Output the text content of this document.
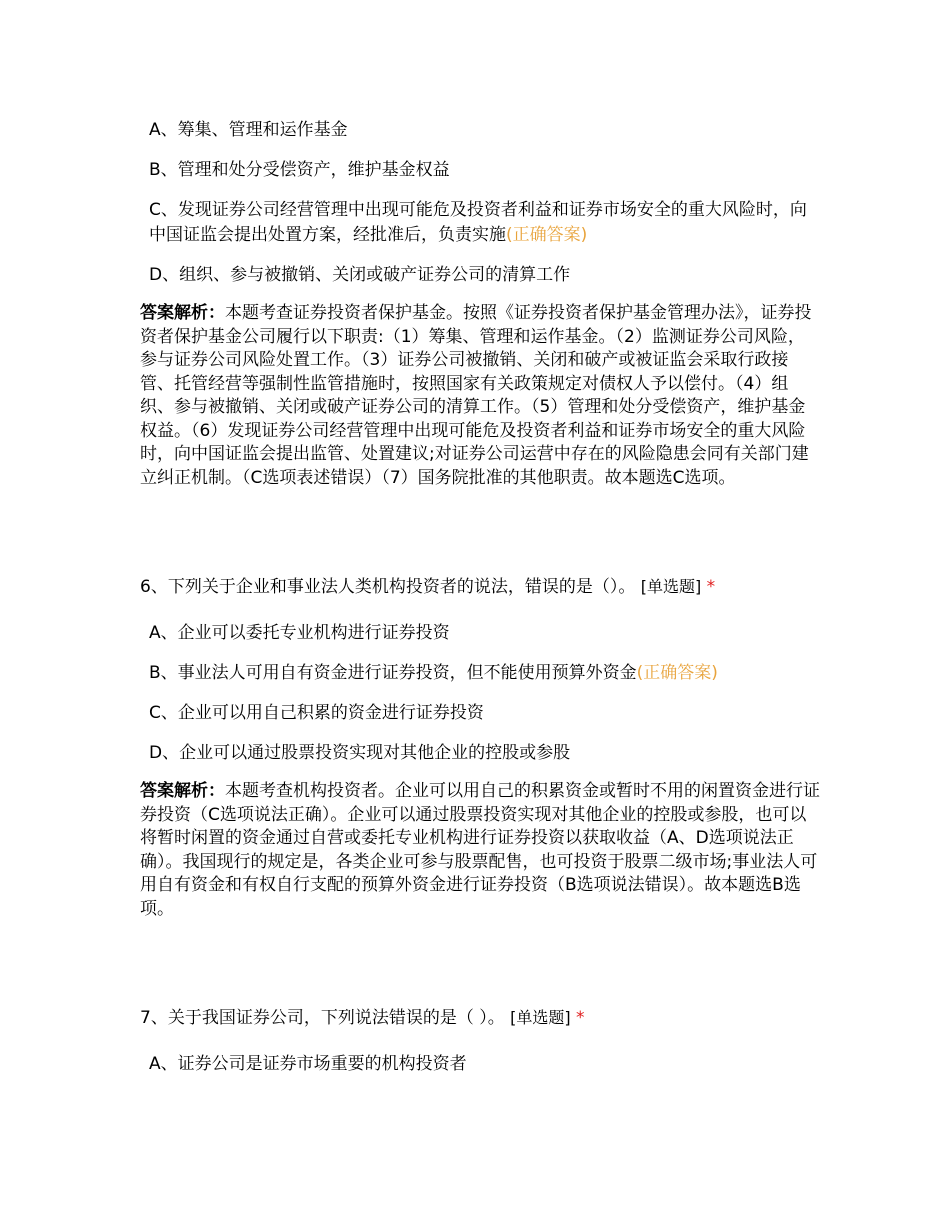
A、筹集、管理和运作基金

B、管理和处分受偿资产，维护基金权益

C、发现证券公司经营管理中出现可能危及投资者利益和证券市场安全的重大风险时，向中国证监会提出处置方案，经批准后，负责实施(正确答案)

D、组织、参与被撤销、关闭或破产证券公司的清算工作

答案解析：本题考查证券投资者保护基金。按照《证券投资者保护基金管理办法》，证券投资者保护基金公司履行以下职责:（1）筹集、管理和运作基金。（2）监测证券公司风险，参与证券公司风险处置工作。（3）证券公司被撤销、关闭和破产或被证监会采取行政接管、托管经营等强制性监管措施时，按照国家有关政策规定对债权人予以偿付。（4）组织、参与被撤销、关闭或破产证券公司的清算工作。（5）管理和处分受偿资产，维护基金权益。（6）发现证券公司经营管理中出现可能危及投资者利益和证券市场安全的重大风险时，向中国证监会提出监管、处置建议;对证券公司运营中存在的风险隐患会同有关部门建立纠正机制。（C选项表述错误）（7）国务院批准的其他职责。故本题选C选项。

6、下列关于企业和事业法人类机构投资者的说法，错误的是（）。 [单选题] *

A、企业可以委托专业机构进行证券投资

B、事业法人可用自有资金进行证券投资，但不能使用预算外资金(正确答案)

C、企业可以用自己积累的资金进行证券投资

D、企业可以通过股票投资实现对其他企业的控股或参股

答案解析：本题考查机构投资者。企业可以用自己的积累资金或暂时不用的闲置资金进行证券投资（C选项说法正确）。企业可以通过股票投资实现对其他企业的控股或参股，也可以将暂时闲置的资金通过自营或委托专业机构进行证券投资以获取收益（A、D选项说法正确）。我国现行的规定是，各类企业可参与股票配售，也可投资于股票二级市场;事业法人可用自有资金和有权自行支配的预算外资金进行证券投资（B选项说法错误）。故本题选B选项。

7、关于我国证券公司，下列说法错误的是（ ）。 [单选题] *

A、证券公司是证券市场重要的机构投资者
